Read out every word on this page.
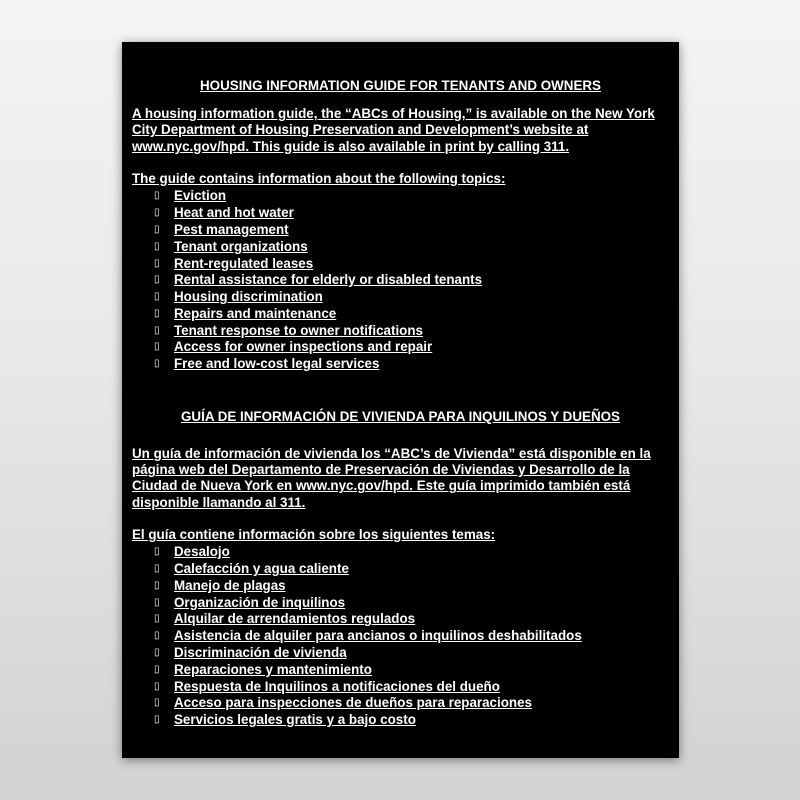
HOUSING INFORMATION GUIDE FOR TENANTS AND OWNERS
A housing information guide, the “ABCs of Housing,” is available on the New York City Department of Housing Preservation and Development’s website at www.nyc.gov/hpd. This guide is also available in print by calling 311.
The guide contains information about the following topics:
▯	Eviction
▯	Heat and hot water
▯	Pest management
▯	Tenant organizations
▯	Rent-regulated leases
▯	Rental assistance for elderly or disabled tenants
▯	Housing discrimination
▯	Repairs and maintenance
▯	Tenant response to owner notifications
▯	Access for owner inspections and repair
▯	Free and low-cost legal services
GUÍA DE INFORMACIÓN DE VIVIENDA PARA INQUILINOS Y DUEÑOS
Un guía de información de vivienda los “ABC’s de Vivienda” está disponible en la página web del Departamento de Preservación de Viviendas y Desarrollo de la Ciudad de Nueva York en www.nyc.gov/hpd. Este guía imprimido también está disponible llamando al 311.
El guía contiene información sobre los siguientes temas:
▯	Desalojo
▯	Calefacción y agua caliente
▯	Manejo de plagas
▯	Organización de inquilinos
▯	Alquilar de arrendamientos regulados
▯	Asistencia de alquiler para ancianos o inquilinos deshabilitados
▯	Discriminación de vivienda
▯	Reparaciones y mantenimiento
▯	Respuesta de Inquilinos a notificaciones del dueño
▯	Acceso para inspecciones de dueños para reparaciones
▯	Servicios legales gratis y a bajo costo
